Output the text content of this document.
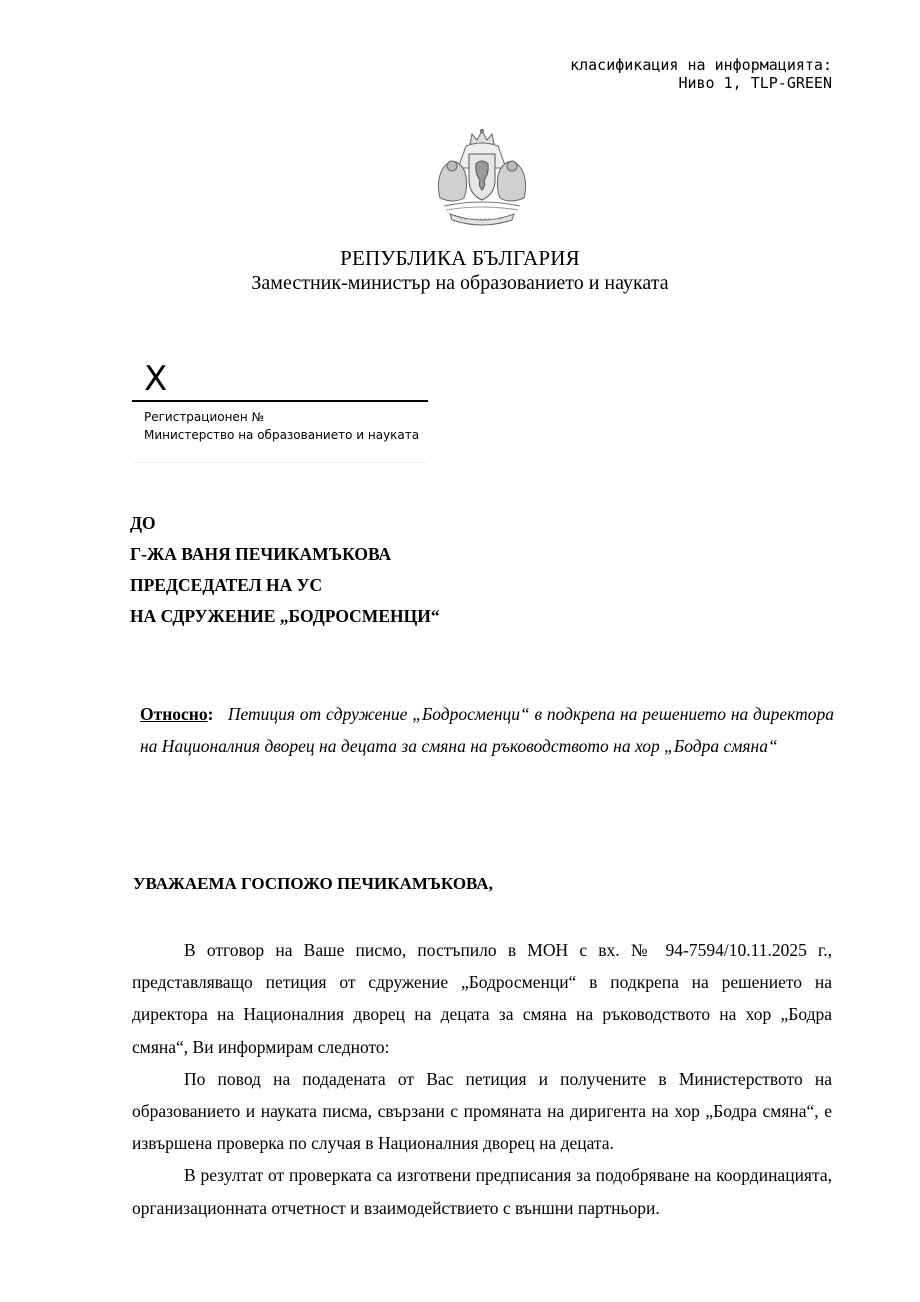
класификация на информацията:
Ниво 1, TLP-GREEN
РЕПУБЛИКА БЪЛГАРИЯ
Заместник-министър на образованието и науката
X
Регистрационен №
Министерство на образованието и науката
ДО
Г-ЖА ВАНЯ ПЕЧИКАМЪКОВА
ПРЕДСЕДАТЕЛ НА УС
НА СДРУЖЕНИЕ „БОДРОСМЕНЦИ“
Относно: Петиция от сдружение „Бодросменци“ в подкрепа на решението на директора на Националния дворец на децата за смяна на ръководството на хор „Бодра смяна“
УВАЖАЕМА ГОСПОЖО ПЕЧИКАМЪКОВА,

В отговор на Ваше писмо, постъпило в МОН с вх. № 94-7594/10.11.2025 г., представляващо петиция от сдружение „Бодросменци“ в подкрепа на решението на директора на Националния дворец на децата за смяна на ръководството на хор „Бодра смяна“, Ви информирам следното:

По повод на подадената от Вас петиция и получените в Министерството на образованието и науката писма, свързани с промяната на диригента на хор „Бодра смяна“, е извършена проверка по случая в Националния дворец на децата.

В резултат от проверката са изготвени предписания за подобряване на координацията, организационната отчетност и взаимодействието с външни партньори.
